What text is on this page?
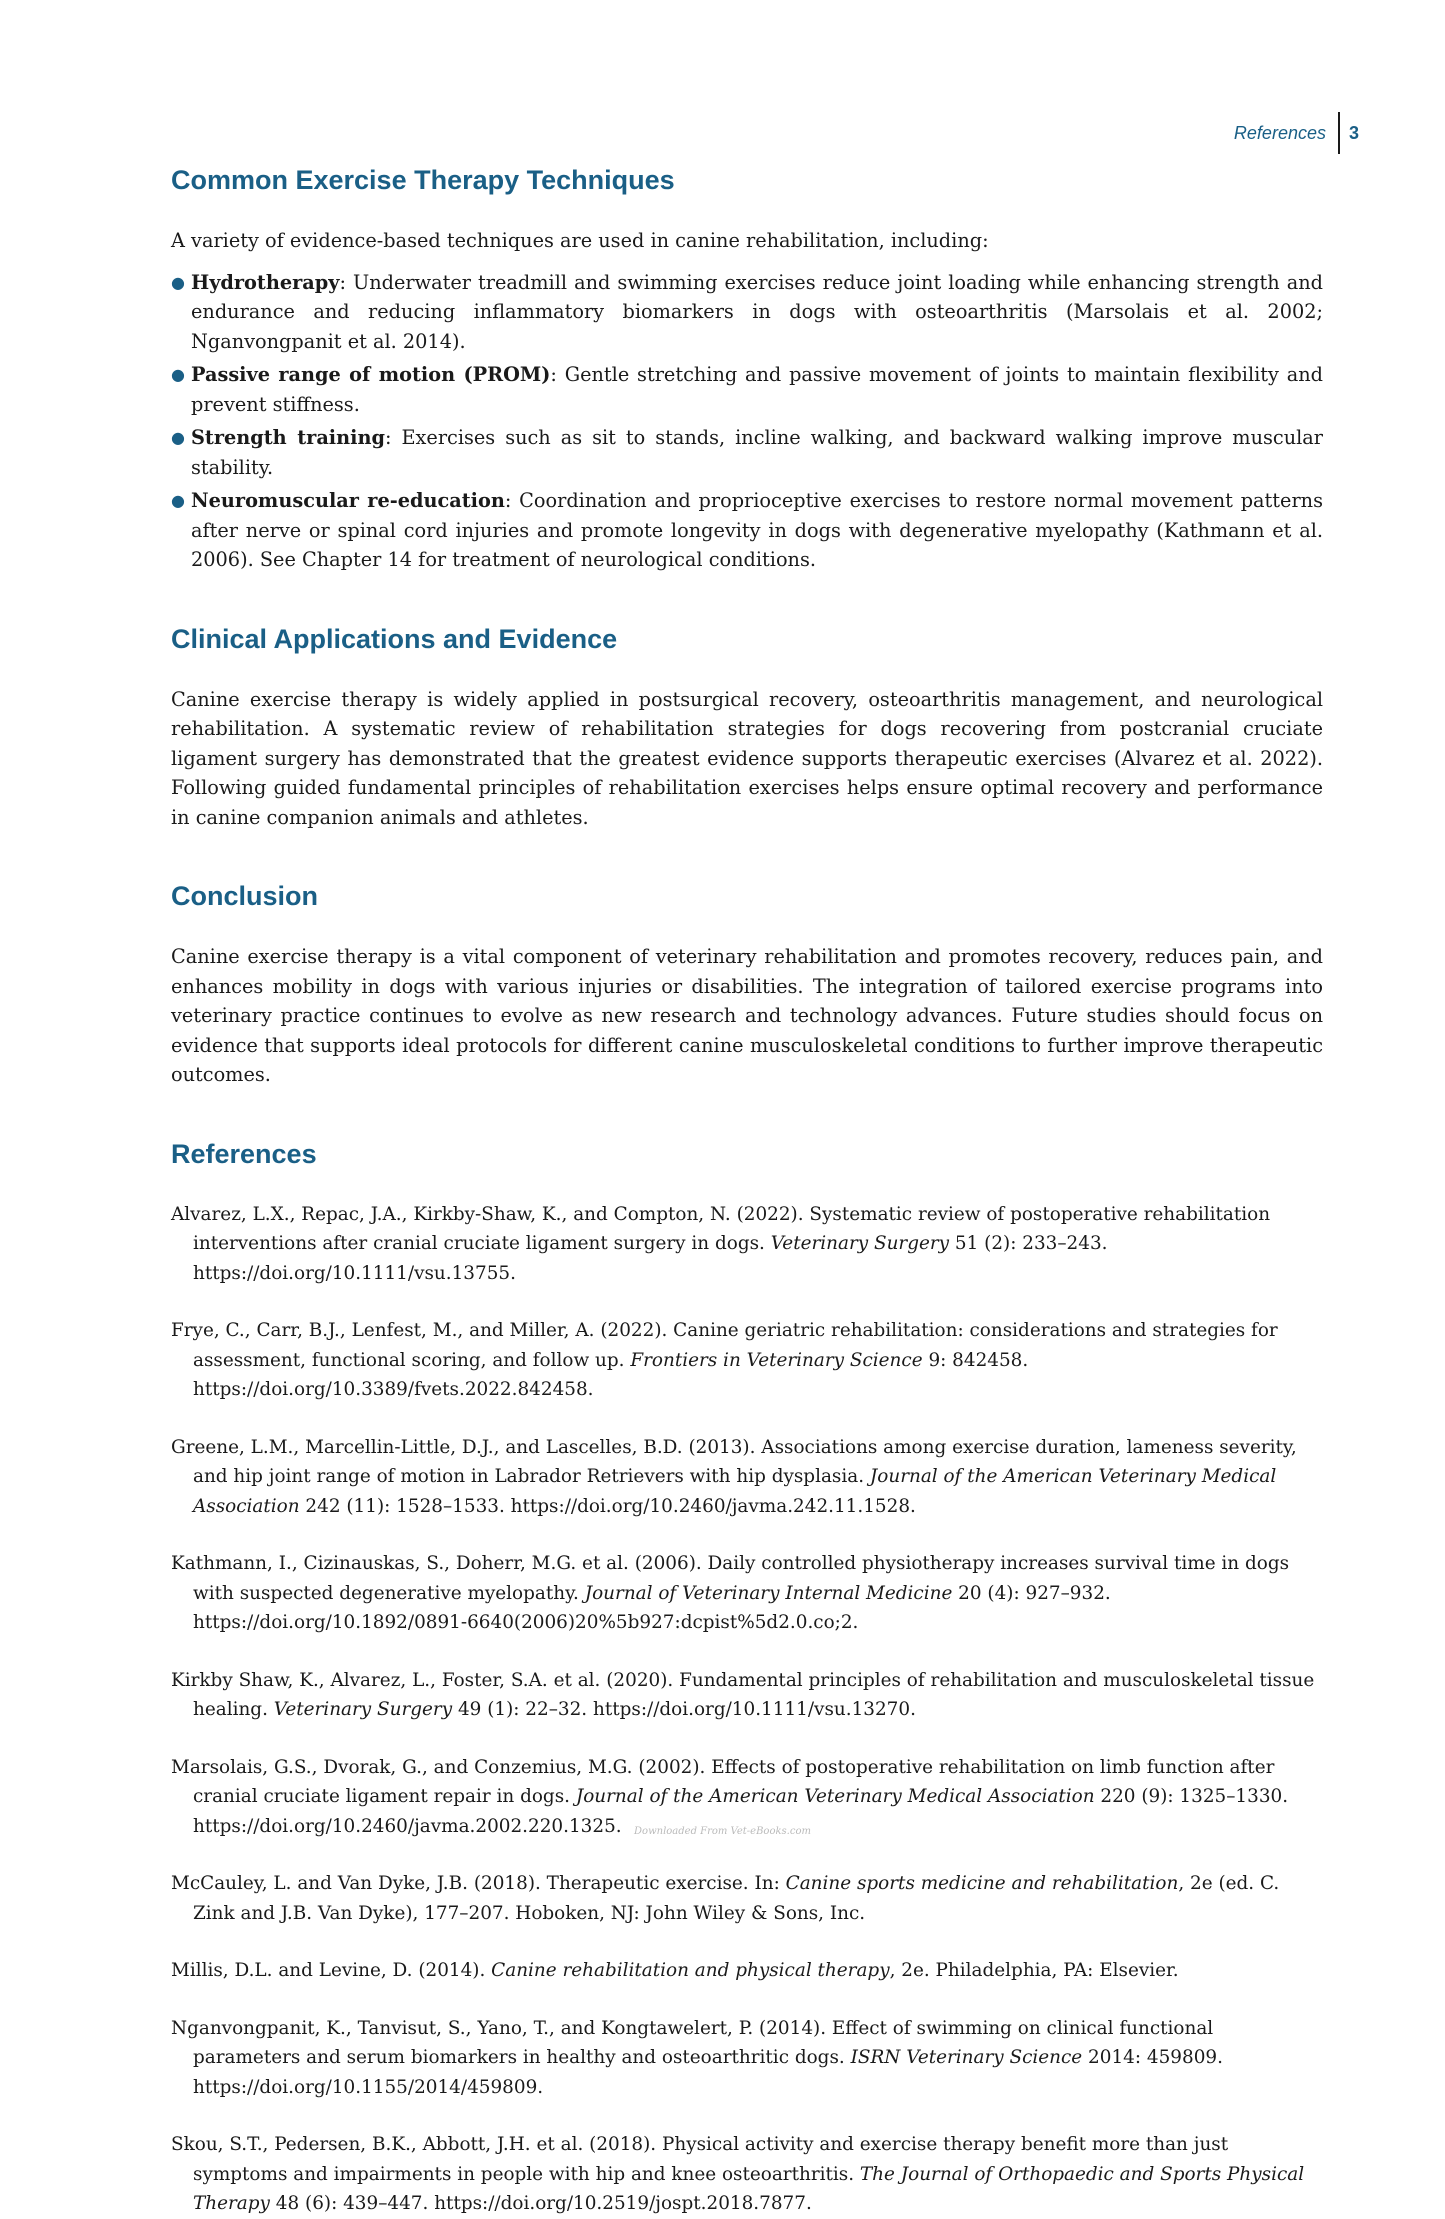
References	3
Common Exercise Therapy Techniques

A variety of evidence-based techniques are used in canine rehabilitation, including:

● Hydrotherapy: Underwater treadmill and swimming exercises reduce joint loading while enhancing strength and endurance and reducing inflammatory biomarkers in dogs with osteoarthritis (Marsolais et al. 2002; Nganvongpanit et al. 2014).
● Passive range of motion (PROM): Gentle stretching and passive movement of joints to maintain flexibility and prevent stiffness.
● Strength training: Exercises such as sit to stands, incline walking, and backward walking improve muscular stability.
● Neuromuscular re-education: Coordination and proprioceptive exercises to restore normal movement patterns after nerve or spinal cord injuries and promote longevity in dogs with degenerative myelopathy (Kathmann et al. 2006). See Chapter 14 for treatment of neurological conditions.
Clinical Applications and Evidence

Canine exercise therapy is widely applied in postsurgical recovery, osteoarthritis management, and neurological rehabilitation. A systematic review of rehabilitation strategies for dogs recovering from postcranial cruciate ligament surgery has demonstrated that the greatest evidence supports therapeutic exercises (Alvarez et al. 2022). Following guided fundamental principles of rehabilitation exercises helps ensure optimal recovery and performance in canine companion animals and athletes.

Conclusion

Canine exercise therapy is a vital component of veterinary rehabilitation and promotes recovery, reduces pain, and enhances mobility in dogs with various injuries or disabilities. The integration of tailored exercise programs into veterinary practice continues to evolve as new research and technology advances. Future studies should focus on evidence that supports ideal protocols for different canine musculoskeletal conditions to further improve therapeutic outcomes.

References

Alvarez, L.X., Repac, J.A., Kirkby-Shaw, K., and Compton, N. (2022). Systematic review of postoperative rehabilitation interventions after cranial cruciate ligament surgery in dogs. Veterinary Surgery 51 (2): 233–243. https://doi.org/10.1111/vsu.13755.

Frye, C., Carr, B.J., Lenfest, M., and Miller, A. (2022). Canine geriatric rehabilitation: considerations and strategies for assessment, functional scoring, and follow up. Frontiers in Veterinary Science 9: 842458. https://doi.org/10.3389/fvets.2022.842458.

Greene, L.M., Marcellin-Little, D.J., and Lascelles, B.D. (2013). Associations among exercise duration, lameness severity, and hip joint range of motion in Labrador Retrievers with hip dysplasia. Journal of the American Veterinary Medical Association 242 (11): 1528–1533. https://doi.org/10.2460/javma.242.11.1528.

Kathmann, I., Cizinauskas, S., Doherr, M.G. et al. (2006). Daily controlled physiotherapy increases survival time in dogs with suspected degenerative myelopathy. Journal of Veterinary Internal Medicine 20 (4): 927–932. https://doi.org/10.1892/0891-6640(2006)20%5b927:dcpist%5d2.0.co;2.

Kirkby Shaw, K., Alvarez, L., Foster, S.A. et al. (2020). Fundamental principles of rehabilitation and musculoskeletal tissue healing. Veterinary Surgery 49 (1): 22–32. https://doi.org/10.1111/vsu.13270.

Marsolais, G.S., Dvorak, G., and Conzemius, M.G. (2002). Effects of postoperative rehabilitation on limb function after cranial cruciate ligament repair in dogs. Journal of the American Veterinary Medical Association 220 (9): 1325–1330. https://doi.org/10.2460/javma.2002.220.1325.

McCauley, L. and Van Dyke, J.B. (2018). Therapeutic exercise. In: Canine sports medicine and rehabilitation, 2e (ed. C. Zink and J.B. Van Dyke), 177–207. Hoboken, NJ: John Wiley & Sons, Inc.

Millis, D.L. and Levine, D. (2014). Canine rehabilitation and physical therapy, 2e. Philadelphia, PA: Elsevier.

Nganvongpanit, K., Tanvisut, S., Yano, T., and Kongtawelert, P. (2014). Effect of swimming on clinical functional parameters and serum biomarkers in healthy and osteoarthritic dogs. ISRN Veterinary Science 2014: 459809. https://doi.org/10.1155/2014/459809.

Skou, S.T., Pedersen, B.K., Abbott, J.H. et al. (2018). Physical activity and exercise therapy benefit more than just symptoms and impairments in people with hip and knee osteoarthritis. The Journal of Orthopaedic and Sports Physical Therapy 48 (6): 439–447. https://doi.org/10.2519/jospt.2018.7877.

Downloaded From Vet-eBooks.com
